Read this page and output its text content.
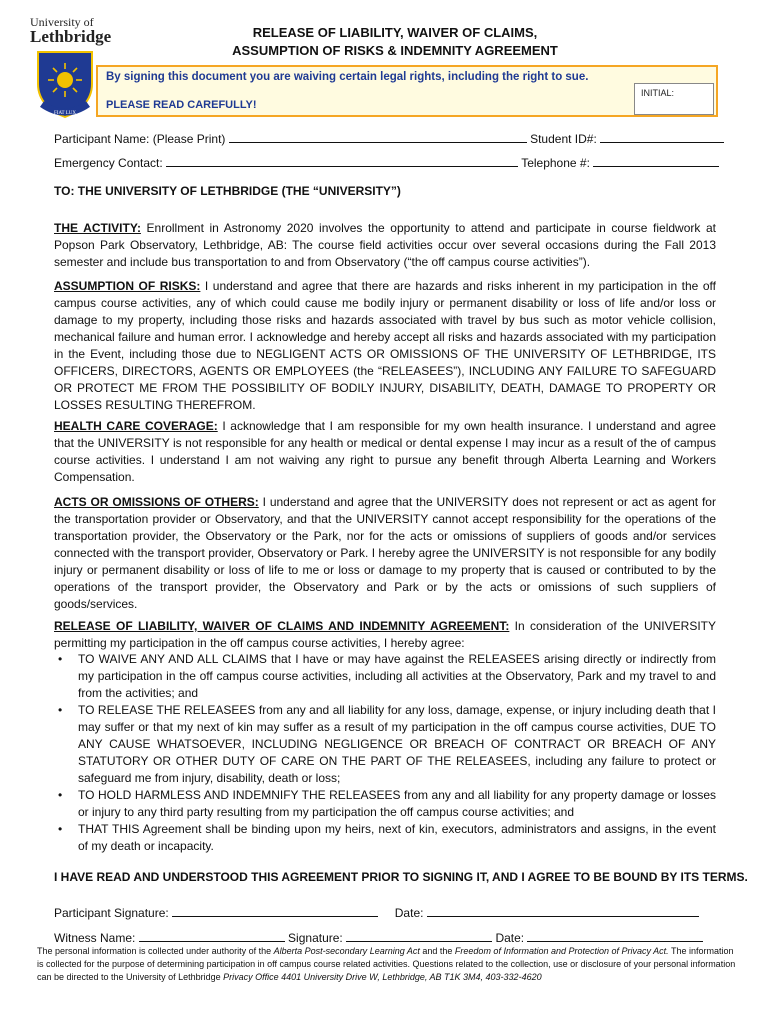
University of
Lethbridge
FIAT LUX
RELEASE OF LIABILITY, WAIVER OF CLAIMS,
ASSUMPTION OF RISKS & INDEMNITY AGREEMENT
By signing this document you are waiving certain legal rights, including the right to sue.
PLEASE READ CAREFULLY!
INITIAL:
Participant Name: (Please Print)	Student ID#:
Emergency Contact:	Telephone #:
TO: THE UNIVERSITY OF LETHBRIDGE (THE “UNIVERSITY”)
THE ACTIVITY: Enrollment in Astronomy 2020 involves the opportunity to attend and participate in course fieldwork at Popson Park Observatory, Lethbridge, AB: The course field activities occur over several occasions during the Fall 2013 semester and include bus transportation to and from Observatory (“the off campus course activities”).
ASSUMPTION OF RISKS: I understand and agree that there are hazards and risks inherent in my participation in the off campus course activities, any of which could cause me bodily injury or permanent disability or loss of life and/or loss or damage to my property, including those risks and hazards associated with travel by bus such as motor vehicle collision, mechanical failure and human error. I acknowledge and hereby accept all risks and hazards associated with my participation in the Event, including those due to NEGLIGENT ACTS OR OMISSIONS OF THE UNIVERSITY OF LETHBRIDGE, ITS OFFICERS, DIRECTORS, AGENTS OR EMPLOYEES (the “RELEASEES”), INCLUDING ANY FAILURE TO SAFEGUARD OR PROTECT ME FROM THE POSSIBILITY OF BODILY INJURY, DISABILITY, DEATH, DAMAGE TO PROPERTY OR LOSSES RESULTING THEREFROM.
HEALTH CARE COVERAGE: I acknowledge that I am responsible for my own health insurance. I understand and agree that the UNIVERSITY is not responsible for any health or medical or dental expense I may incur as a result of the of campus course activities. I understand I am not waiving any right to pursue any benefit through Alberta Learning and Workers Compensation.
ACTS OR OMISSIONS OF OTHERS: I understand and agree that the UNIVERSITY does not represent or act as agent for the transportation provider or Observatory, and that the UNIVERSITY cannot accept responsibility for the operations of the transportation provider, the Observatory or the Park, nor for the acts or omissions of suppliers of goods and/or services connected with the transport provider, Observatory or Park. I hereby agree the UNIVERSITY is not responsible for any bodily injury or permanent disability or loss of life to me or loss or damage to my property that is caused or contributed to by the operations of the transport provider, the Observatory and Park or by the acts or omissions of such suppliers of goods/services.
RELEASE OF LIABILITY, WAIVER OF CLAIMS AND INDEMNITY AGREEMENT: In consideration of the UNIVERSITY permitting my participation in the off campus course activities, I hereby agree:
• TO WAIVE ANY AND ALL CLAIMS that I have or may have against the RELEASEES arising directly or indirectly from my participation in the off campus course activities, including all activities at the Observatory, Park and my travel to and from the activities; and
• TO RELEASE THE RELEASEES from any and all liability for any loss, damage, expense, or injury including death that I may suffer or that my next of kin may suffer as a result of my participation in the off campus course activities, DUE TO ANY CAUSE WHATSOEVER, INCLUDING NEGLIGENCE OR BREACH OF CONTRACT OR BREACH OF ANY STATUTORY OR OTHER DUTY OF CARE ON THE PART OF THE RELEASEES, including any failure to protect or safeguard me from injury, disability, death or loss;
• TO HOLD HARMLESS AND INDEMNIFY THE RELEASEES from any and all liability for any property damage or losses or injury to any third party resulting from my participation the off campus course activities; and
• THAT THIS Agreement shall be binding upon my heirs, next of kin, executors, administrators and assigns, in the event of my death or incapacity.
I HAVE READ AND UNDERSTOOD THIS AGREEMENT PRIOR TO SIGNING IT, AND I AGREE TO BE BOUND BY ITS TERMS.
Participant Signature:	Date:
Witness Name:	Signature:	Date:
The personal information is collected under authority of the Alberta Post-secondary Learning Act and the Freedom of Information and Protection of Privacy Act. The information is collected for the purpose of determining participation in off campus course related activities. Questions related to the collection, use or disclosure of your personal information can be directed to the University of Lethbridge Privacy Office 4401 University Drive W, Lethbridge, AB T1K 3M4, 403-332-4620
